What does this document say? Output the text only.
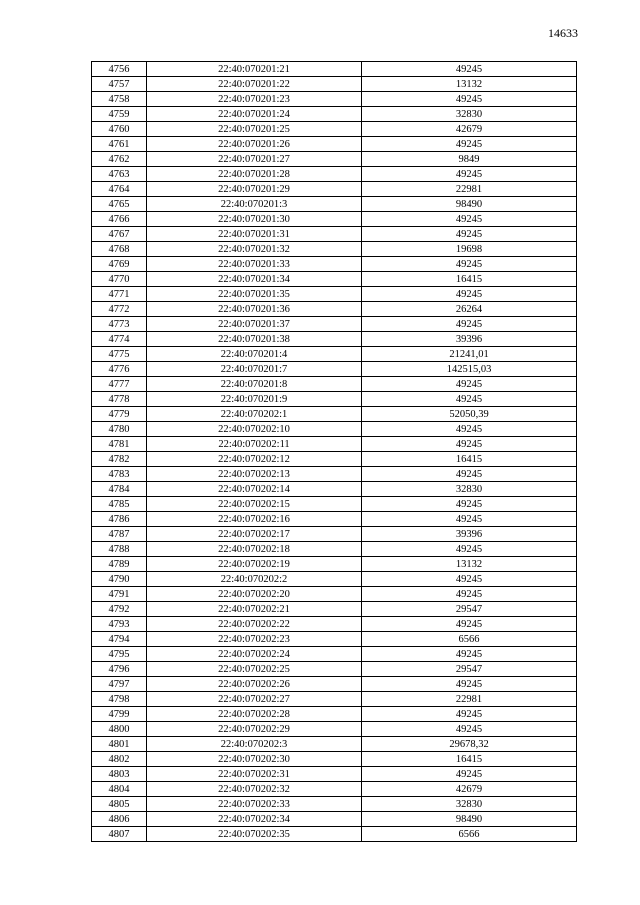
14633
4756	22:40:070201:21	49245
4757	22:40:070201:22	13132
4758	22:40:070201:23	49245
4759	22:40:070201:24	32830
4760	22:40:070201:25	42679
4761	22:40:070201:26	49245
4762	22:40:070201:27	9849
4763	22:40:070201:28	49245
4764	22:40:070201:29	22981
4765	22:40:070201:3	98490
4766	22:40:070201:30	49245
4767	22:40:070201:31	49245
4768	22:40:070201:32	19698
4769	22:40:070201:33	49245
4770	22:40:070201:34	16415
4771	22:40:070201:35	49245
4772	22:40:070201:36	26264
4773	22:40:070201:37	49245
4774	22:40:070201:38	39396
4775	22:40:070201:4	21241,01
4776	22:40:070201:7	142515,03
4777	22:40:070201:8	49245
4778	22:40:070201:9	49245
4779	22:40:070202:1	52050,39
4780	22:40:070202:10	49245
4781	22:40:070202:11	49245
4782	22:40:070202:12	16415
4783	22:40:070202:13	49245
4784	22:40:070202:14	32830
4785	22:40:070202:15	49245
4786	22:40:070202:16	49245
4787	22:40:070202:17	39396
4788	22:40:070202:18	49245
4789	22:40:070202:19	13132
4790	22:40:070202:2	49245
4791	22:40:070202:20	49245
4792	22:40:070202:21	29547
4793	22:40:070202:22	49245
4794	22:40:070202:23	6566
4795	22:40:070202:24	49245
4796	22:40:070202:25	29547
4797	22:40:070202:26	49245
4798	22:40:070202:27	22981
4799	22:40:070202:28	49245
4800	22:40:070202:29	49245
4801	22:40:070202:3	29678,32
4802	22:40:070202:30	16415
4803	22:40:070202:31	49245
4804	22:40:070202:32	42679
4805	22:40:070202:33	32830
4806	22:40:070202:34	98490
4807	22:40:070202:35	6566
